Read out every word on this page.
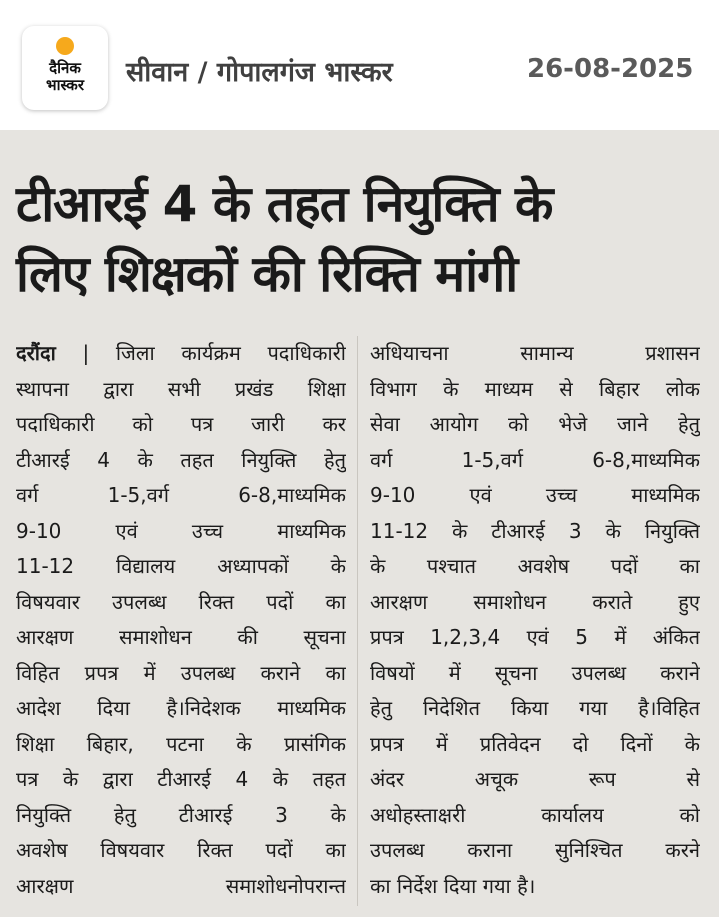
दैनिक
भास्कर	सीवान / गोपालगंज भास्कर	26-08-2025
टीआरई 4 के तहत नियुक्ति के
लिए शिक्षकों की रिक्ति मांगी
दरौंदा | जिला कार्यक्रम पदाधिकारी
स्थापना द्वारा सभी प्रखंड शिक्षा
पदाधिकारी को पत्र जारी कर
टीआरई 4 के तहत नियुक्ति हेतु
वर्ग 1-5,वर्ग 6-8,माध्यमिक
9-10 एवं उच्च माध्यमिक
11-12 विद्यालय अध्यापकों के
विषयवार उपलब्ध रिक्त पदों का
आरक्षण समाशोधन की सूचना
विहित प्रपत्र में उपलब्ध कराने का
आदेश दिया है।निदेशक माध्यमिक
शिक्षा बिहार, पटना के प्रासंगिक
पत्र के द्वारा टीआरई 4 के तहत
नियुक्ति हेतु टीआरई 3 के
अवशेष विषयवार रिक्त पदों का
आरक्षण समाशोधनोपरान्त
अधियाचना सामान्य प्रशासन
विभाग के माध्यम से बिहार लोक
सेवा आयोग को भेजे जाने हेतु
वर्ग 1-5,वर्ग 6-8,माध्यमिक
9-10 एवं उच्च माध्यमिक
11-12 के टीआरई 3 के नियुक्ति
के पश्चात अवशेष पदों का
आरक्षण समाशोधन कराते हुए
प्रपत्र 1,2,3,4 एवं 5 में अंकित
विषयों में सूचना उपलब्ध कराने
हेतु निदेशित किया गया है।विहित
प्रपत्र में प्रतिवेदन दो दिनों के
अंदर अचूक रूप से
अधोहस्ताक्षरी कार्यालय को
उपलब्ध कराना सुनिश्चित करने
का निर्देश दिया गया है।
